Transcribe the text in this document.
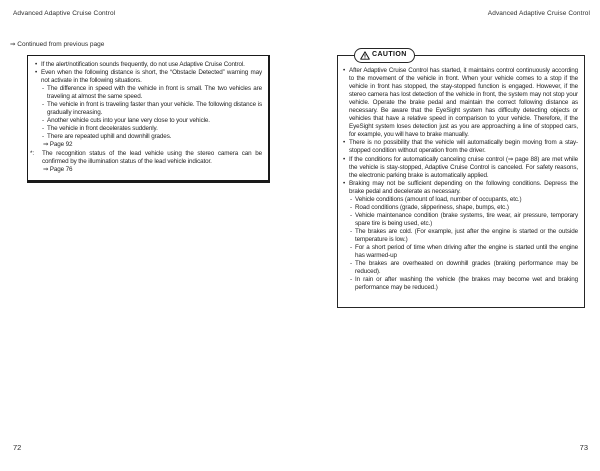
Advanced Adaptive Cruise Control	Advanced Adaptive Cruise Control
⇒ Continued from previous page
• If the alert/notification sounds frequently, do not use Adaptive Cruise Control.
• Even when the following distance is short, the “Obstacle Detected” warning may not activate in the following situations.
- The difference in speed with the vehicle in front is small. The two vehicles are traveling at almost the same speed.
- The vehicle in front is traveling faster than your vehicle. The following distance is gradually increasing.
- Another vehicle cuts into your lane very close to your vehicle.
- The vehicle in front decelerates suddenly.
- There are repeated uphill and downhill grades.
⇒ Page 92
*:	The recognition status of the lead vehicle using the stereo camera can be confirmed by the illumination status of the lead vehicle indicator.
⇒ Page 76
CAUTION
• After Adaptive Cruise Control has started, it maintains control continuously according to the movement of the vehicle in front. When your vehicle comes to a stop if the vehicle in front has stopped, the stay-stopped function is engaged. However, if the stereo camera has lost detection of the vehicle in front, the system may not stop your vehicle. Operate the brake pedal and maintain the correct following distance as necessary. Be aware that the EyeSight system has difficulty detecting objects or vehicles that have a relative speed in comparison to your vehicle. Therefore, if the EyeSight system loses detection just as you are approaching a line of stopped cars, for example, you will have to brake manually.
• There is no possibility that the vehicle will automatically begin moving from a stay-stopped condition without operation from the driver.
• If the conditions for automatically canceling cruise control (⇒ page 88) are met while the vehicle is stay-stopped, Adaptive Cruise Control is canceled. For safety reasons, the electronic parking brake is automatically applied.
• Braking may not be sufficient depending on the following conditions. Depress the brake pedal and decelerate as necessary.
- Vehicle conditions (amount of load, number of occupants, etc.)
- Road conditions (grade, slipperiness, shape, bumps, etc.)
- Vehicle maintenance condition (brake systems, tire wear, air pressure, temporary spare tire is being used, etc.)
- The brakes are cold. (For example, just after the engine is started or the outside temperature is low.)
- For a short period of time when driving after the engine is started until the engine has warmed-up
- The brakes are overheated on downhill grades (braking performance may be reduced).
- In rain or after washing the vehicle (the brakes may become wet and braking performance may be reduced.)
72	73
